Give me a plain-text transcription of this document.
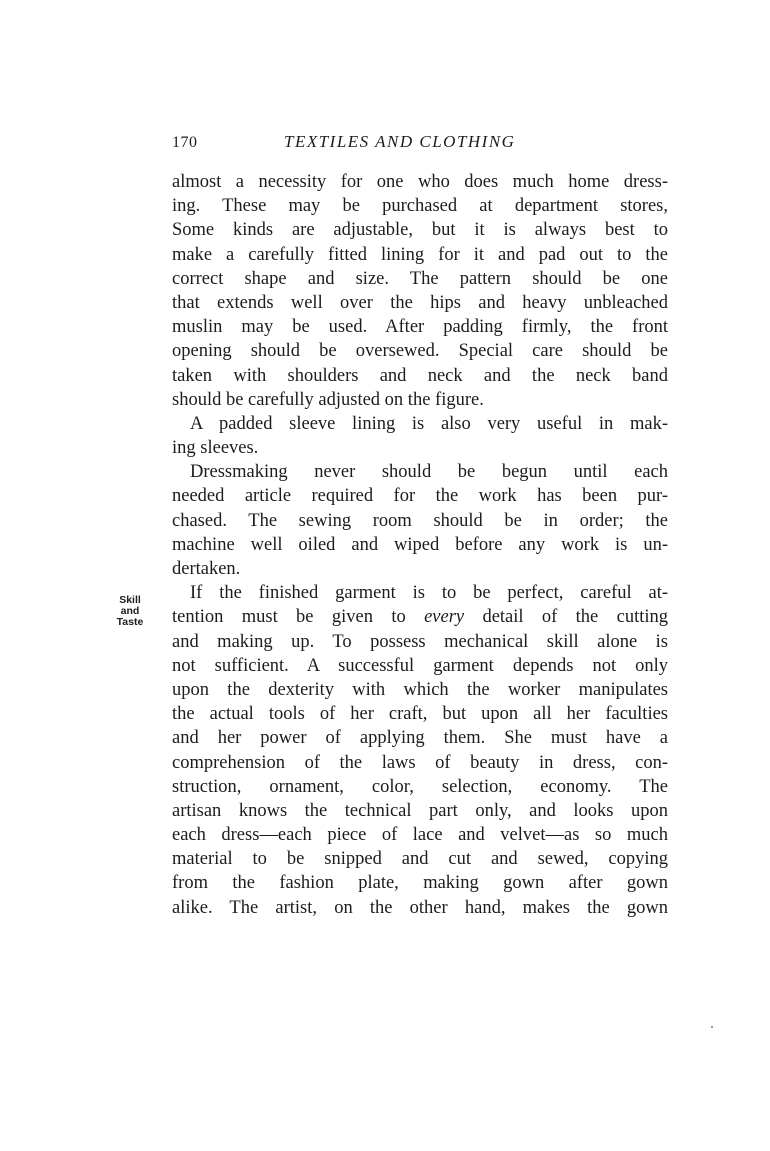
170	TEXTILES AND CLOTHING
Skill
and
Taste
almost a necessity for one who does much home dress-
ing. These may be purchased at department stores,
Some kinds are adjustable, but it is always best to
make a carefully fitted lining for it and pad out to the
correct shape and size. The pattern should be one
that extends well over the hips and heavy unbleached
muslin may be used. After padding firmly, the front
opening should be oversewed. Special care should be
taken with shoulders and neck and the neck band
should be carefully adjusted on the figure.
A padded sleeve lining is also very useful in mak-
ing sleeves.
Dressmaking never should be begun until each
needed article required for the work has been pur-
chased. The sewing room should be in order; the
machine well oiled and wiped before any work is un-
dertaken.
If the finished garment is to be perfect, careful at-
tention must be given to every detail of the cutting
and making up. To possess mechanical skill alone is
not sufficient. A successful garment depends not only
upon the dexterity with which the worker manipulates
the actual tools of her craft, but upon all her faculties
and her power of applying them. She must have a
comprehension of the laws of beauty in dress, con-
struction, ornament, color, selection, economy. The
artisan knows the technical part only, and looks upon
each dress—each piece of lace and velvet—as so much
material to be snipped and cut and sewed, copying
from the fashion plate, making gown after gown
alike. The artist, on the other hand, makes the gown
